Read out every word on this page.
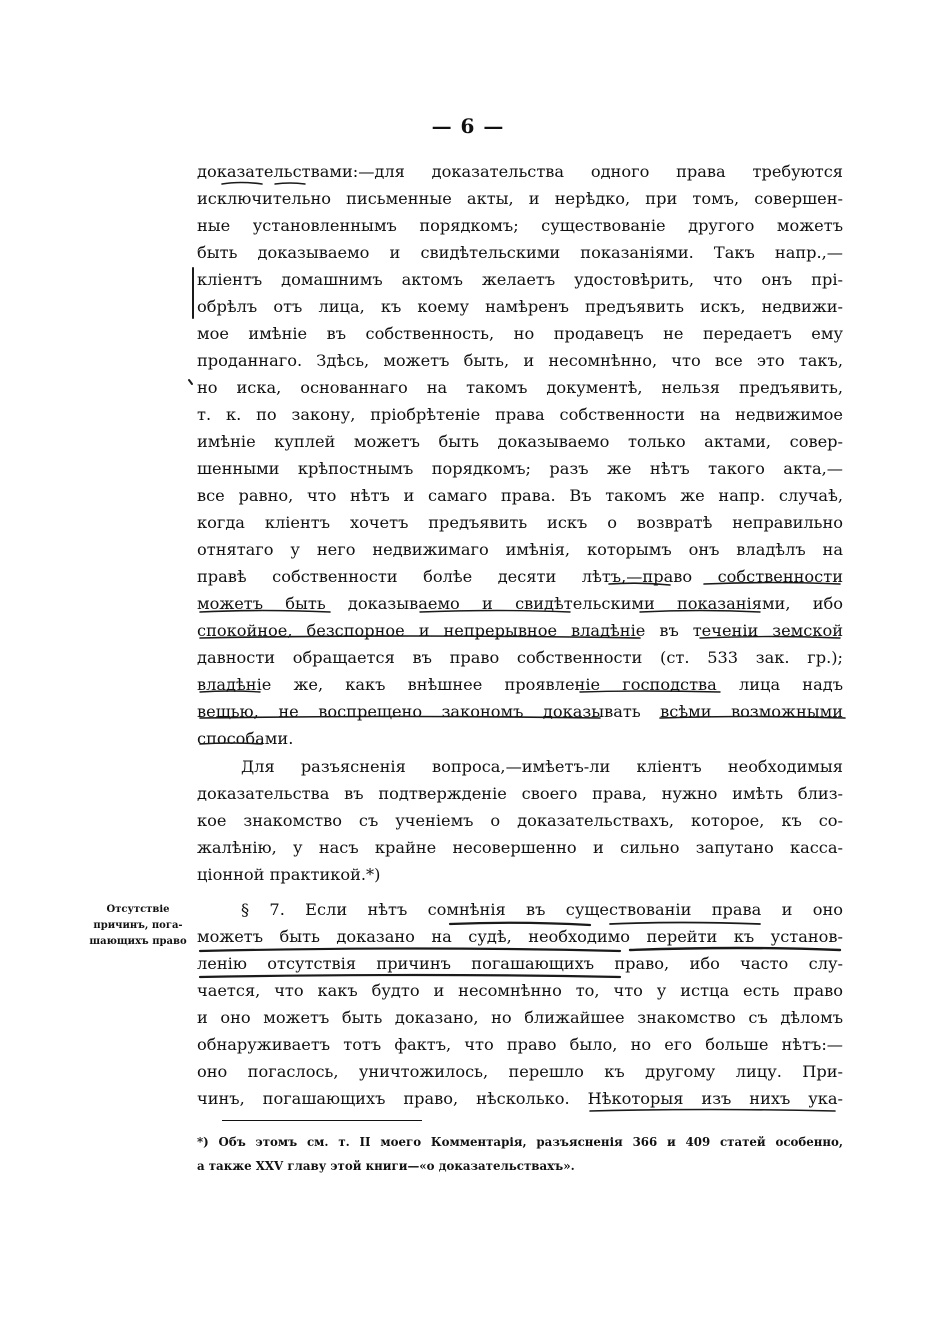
— 6 —
доказательствами:—для доказательства одного права требуются
исключительно письменные акты, и нерѣдко, при томъ, совершен-
ные установленнымъ порядкомъ; существованіе другого можетъ
быть доказываемо и свидѣтельскими показаніями. Такъ напр.,—
кліентъ домашнимъ актомъ желаетъ удостовѣрить, что онъ прі-
обрѣлъ отъ лица, къ коему намѣренъ предъявить искъ, недвижи-
мое имѣніе въ собственность, но продавецъ не передаетъ ему
проданнаго. Здѣсь, можетъ быть, и несомнѣнно, что все это такъ,
но иска, основаннаго на такомъ документѣ, нельзя предъявить,
т. к. по закону, пріобрѣтеніе права собственности на недвижимое
имѣніе куплей можетъ быть доказываемо только актами, совер-
шенными крѣпостнымъ порядкомъ; разъ же нѣтъ такого акта,—
все равно, что нѣтъ и самаго права. Въ такомъ же напр. случаѣ,
когда кліентъ хочетъ предъявить искъ о возвратѣ неправильно
отнятаго у него недвижимаго имѣнія, которымъ онъ владѣлъ на
правѣ собственности болѣе десяти лѣтъ,—право собственности
можетъ быть доказываемо и свидѣтельскими показаніями, ибо
спокойное, безспорное и непрерывное владѣніе въ теченіи земской
давности обращается въ право собственности (ст. 533 зак. гр.);
владѣніе же, какъ внѣшнее проявленіе господства лица надъ
вещью, не воспрещено закономъ доказывать всѣми возможными
способами.
Для разъясненія вопроса,—имѣетъ-ли кліентъ необходимыя
доказательства въ подтвержденіе своего права, нужно имѣть близ-
кое знакомство съ ученіемъ о доказательствахъ, которое, къ со-
жалѣнію, у насъ крайне несовершенно и сильно запутано касса-
ціонной практикой.*)
Отсутствіе
причинъ, пога-
шающихъ право
§ 7. Если нѣтъ сомнѣнія въ существованіи права и оно
можетъ быть доказано на судѣ, необходимо перейти къ установ-
ленію отсутствія причинъ погашающихъ право, ибо часто слу-
чается, что какъ будто и несомнѣнно то, что у истца есть право
и оно можетъ быть доказано, но ближайшее знакомство съ дѣломъ
обнаруживаетъ тотъ фактъ, что право было, но его больше нѣтъ:—
оно погаслось, уничтожилось, перешло къ другому лицу. При-
чинъ, погашающихъ право, нѣсколько. Нѣкоторыя изъ нихъ ука-
*) Объ этомъ см. т. II моего Комментарія, разъясненія 366 и 409 статей особенно,
а также XXV главу этой книги—«о доказательствахъ».
